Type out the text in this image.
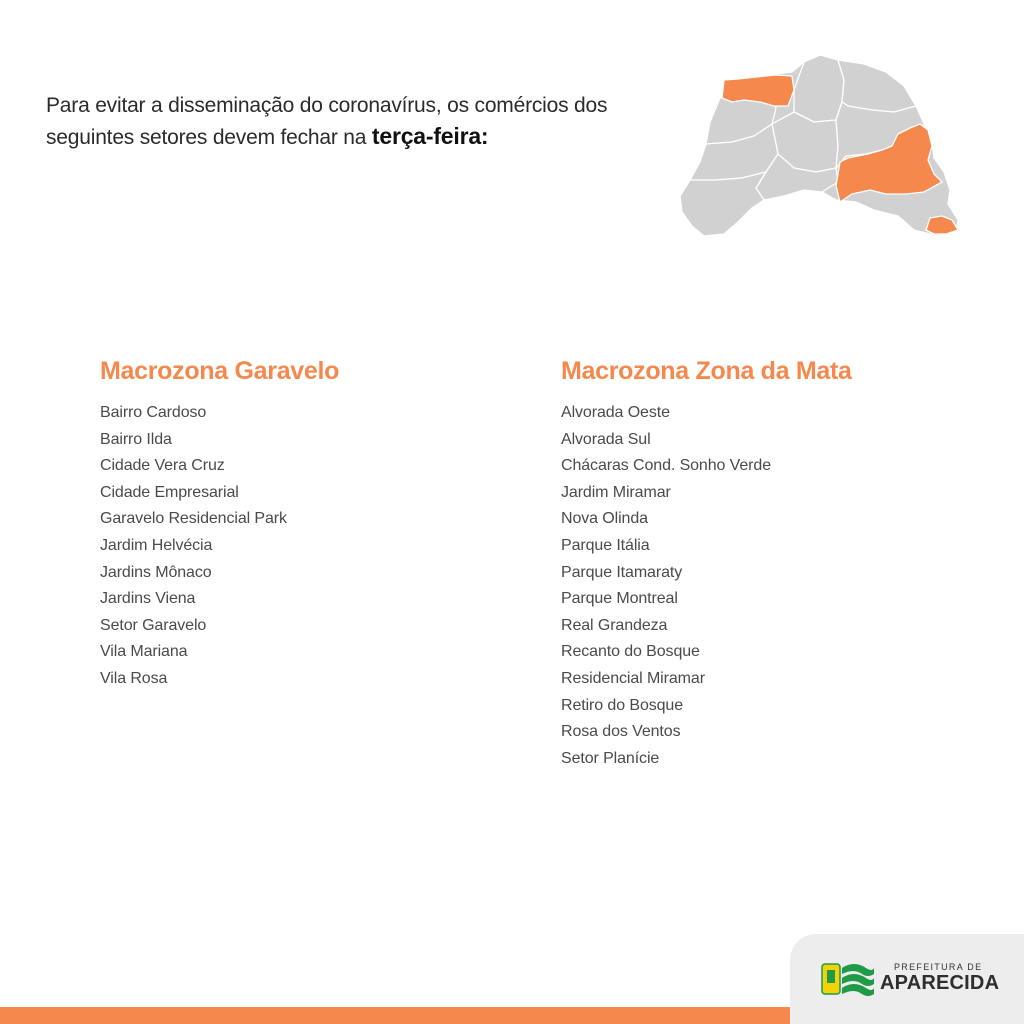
Para evitar a disseminação do coronavírus, os comércios dos seguintes setores devem fechar na terça-feira:

Macrozona Garavelo
Bairro Cardoso
Bairro Ilda
Cidade Vera Cruz
Cidade Empresarial
Garavelo Residencial Park
Jardim Helvécia
Jardins Mônaco
Jardins Viena
Setor Garavelo
Vila Mariana
Vila Rosa
Macrozona Zona da Mata
Alvorada Oeste
Alvorada Sul
Chácaras Cond. Sonho Verde
Jardim Miramar
Nova Olinda
Parque Itália
Parque Itamaraty
Parque Montreal
Real Grandeza
Recanto do Bosque
Residencial Miramar
Retiro do Bosque
Rosa dos Ventos
Setor Planície

PREFEITURA DE

APARECIDA
